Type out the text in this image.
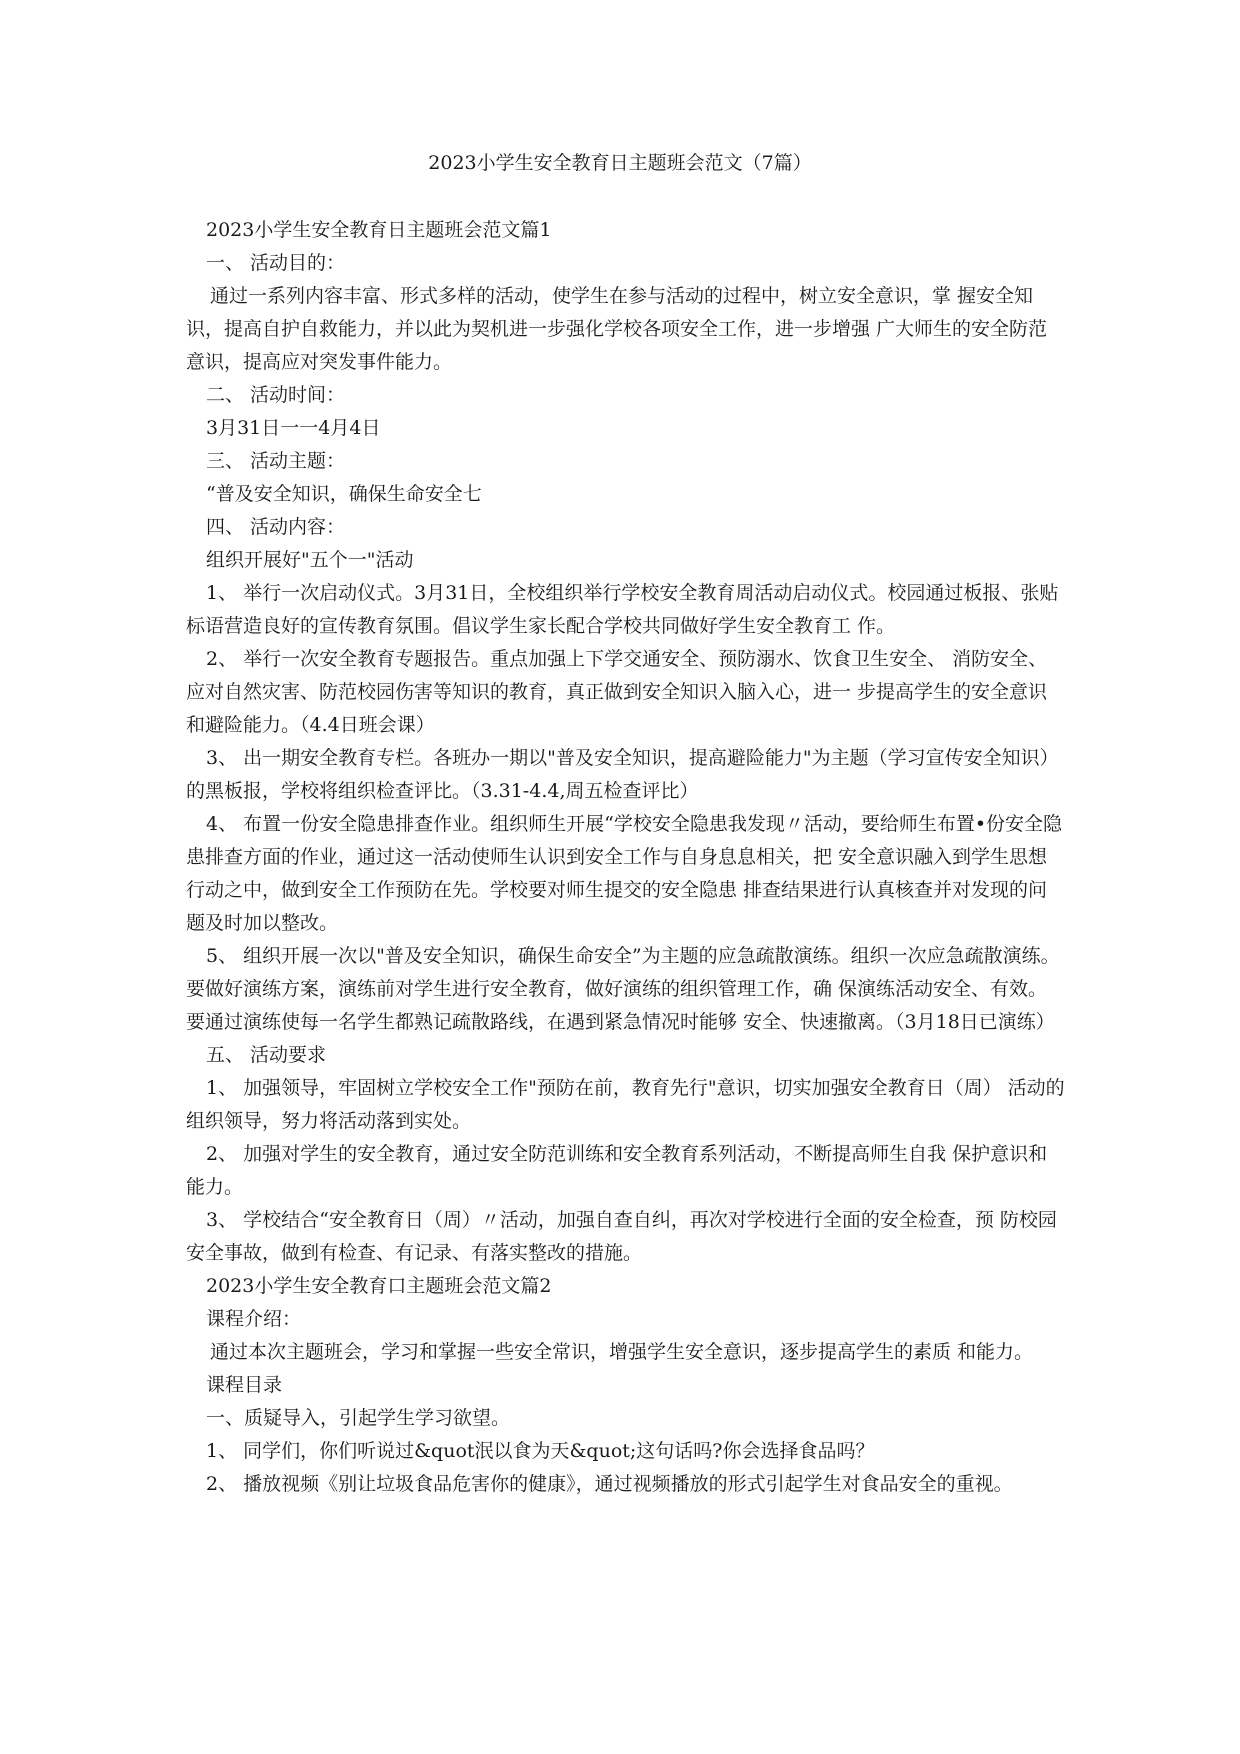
2023小学生安全教育日主题班会范文（7篇）

2023小学生安全教育日主题班会范文篇1

一、 活动目的：

通过一系列内容丰富、形式多样的活动，使学生在参与活动的过程中，树立安全意识，掌 握安全知识，提高自护自救能力，并以此为契机进一步强化学校各项安全工作，进一步增强 广大师生的安全防范意识，提高应对突发事件能力。

二、 活动时间：

3月31日一一4月4日

三、 活动主题：

“普及安全知识，确保生命安全七

四、 活动内容：

组织开展好"五个一"活动

1、 举行一次启动仪式。3月31日，全校组织举行学校安全教育周活动启动仪式。校园通过板报、张贴标语营造良好的宣传教育氛围。倡议学生家长配合学校共同做好学生安全教育工 作。

2、 举行一次安全教育专题报告。重点加强上下学交通安全、预防溺水、饮食卫生安全、 消防安全、应对自然灾害、防范校园伤害等知识的教育，真正做到安全知识入脑入心，进一 步提高学生的安全意识和避险能力。（4.4日班会课）

3、 出一期安全教育专栏。各班办一期以"普及安全知识，提高避险能力"为主题（学习宣传安全知识）的黑板报，学校将组织检查评比。（3.31-4.4,周五检查评比）

4、 布置一份安全隐患排查作业。组织师生开展“学校安全隐患我发现〃活动，要给师生布置•份安全隐患排查方面的作业，通过这一活动使师生认识到安全工作与自身息息相关，把 安全意识融入到学生思想行动之中，做到安全工作预防在先。学校要对师生提交的安全隐患 排查结果进行认真核查并对发现的问题及时加以整改。

5、 组织开展一次以"普及安全知识，确保生命安全”为主题的应急疏散演练。组织一次应急疏散演练。要做好演练方案，演练前对学生进行安全教育，做好演练的组织管理工作，确 保演练活动安全、有效。要通过演练使每一名学生都熟记疏散路线，在遇到紧急情况时能够 安全、快速撤离。（3月18日已演练）

五、 活动要求

1、 加强领导，牢固树立学校安全工作"预防在前，教育先行"意识，切实加强安全教育日（周） 活动的组织领导，努力将活动落到实处。

2、 加强对学生的安全教育，通过安全防范训练和安全教育系列活动，不断提高师生自我 保护意识和能力。

3、 学校结合“安全教育日（周）〃活动，加强自查自纠，再次对学校进行全面的安全检查，预 防校园安全事故，做到有检查、有记录、有落实整改的措施。

2023小学生安全教育口主题班会范文篇2

课程介绍：

通过本次主题班会，学习和掌握一些安全常识，增强学生安全意识，逐步提高学生的素质 和能力。

课程目录

一、质疑导入，引起学生学习欲望。

1、 同学们，你们听说过&quot泯以食为天&quot;这句话吗?你会选择食品吗？

2、 播放视频《别让垃圾食品危害你的健康》，通过视频播放的形式引起学生对食品安全的重视。
